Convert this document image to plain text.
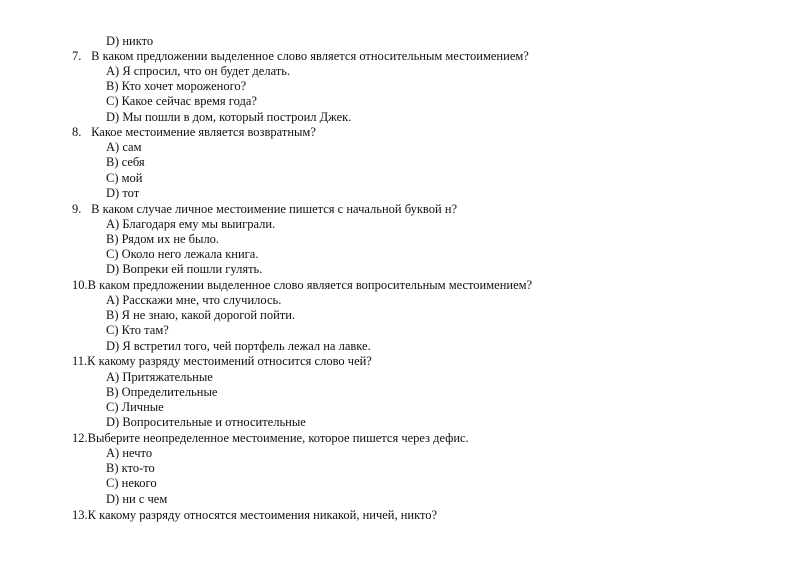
D) никто
7. В каком предложении выделенное слово является относительным местоимением?
А) Я спросил, что он будет делать.
В) Кто хочет мороженого?
С) Какое сейчас время года?
D) Мы пошли в дом, который построил Джек.
8. Какое местоимение является возвратным?
А) сам
В) себя
С) мой
D) тот
9. В каком случае личное местоимение пишется с начальной буквой н?
А) Благодаря ему мы выиграли.
В) Рядом их не было.
С) Около него лежала книга.
D) Вопреки ей пошли гулять.
10.В каком предложении выделенное слово является вопросительным местоимением?
А) Расскажи мне, что случилось.
В) Я не знаю, какой дорогой пойти.
С) Кто там?
D) Я встретил того, чей портфель лежал на лавке.
11.К какому разряду местоимений относится слово чей?
А) Притяжательные
В) Определительные
С) Личные
D) Вопросительные и относительные
12.Выберите неопределенное местоимение, которое пишется через дефис.
А) нечто
В) кто-то
С) некого
D) ни с чем
13.К какому разряду относятся местоимения никакой, ничей, никто?
